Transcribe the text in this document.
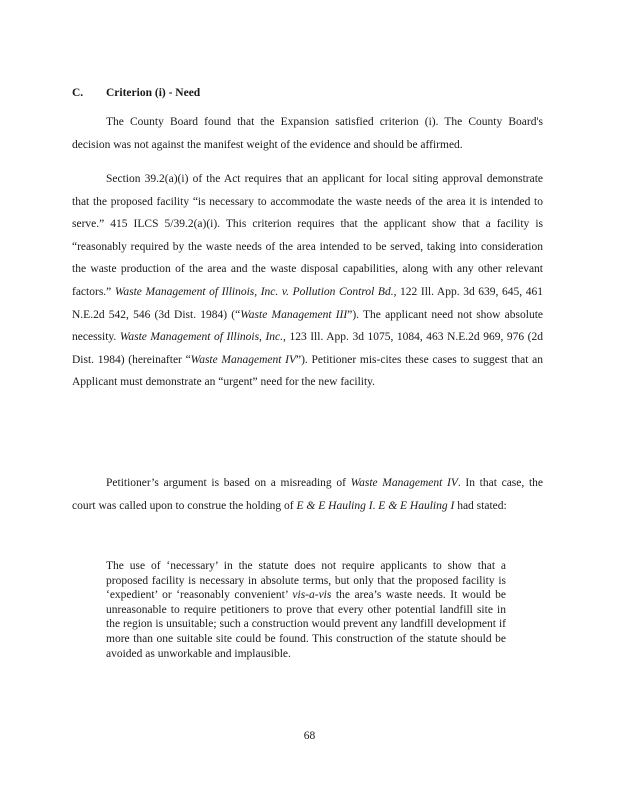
C.	Criterion (i) - Need

The County Board found that the Expansion satisfied criterion (i). The County Board's decision was not against the manifest weight of the evidence and should be affirmed.

Section 39.2(a)(i) of the Act requires that an applicant for local siting approval demonstrate that the proposed facility “is necessary to accommodate the waste needs of the area it is intended to serve.” 415 ILCS 5/39.2(a)(i). This criterion requires that the applicant show that a facility is “reasonably required by the waste needs of the area intended to be served, taking into consideration the waste production of the area and the waste disposal capabilities, along with any other relevant factors.” Waste Management of Illinois, Inc. v. Pollution Control Bd., 122 Ill. App. 3d 639, 645, 461 N.E.2d 542, 546 (3d Dist. 1984) (“Waste Management III”). The applicant need not show absolute necessity. Waste Management of Illinois, Inc., 123 Ill. App. 3d 1075, 1084, 463 N.E.2d 969, 976 (2d Dist. 1984) (hereinafter “Waste Management IV”). Petitioner mis-cites these cases to suggest that an Applicant must demonstrate an “urgent” need for the new facility.

Petitioner’s argument is based on a misreading of Waste Management IV. In that case, the court was called upon to construe the holding of E & E Hauling I. E & E Hauling I had stated:

The use of ‘necessary’ in the statute does not require applicants to show that a proposed facility is necessary in absolute terms, but only that the proposed facility is ‘expedient’ or ‘reasonably convenient’ vis-a-vis the area’s waste needs. It would be unreasonable to require petitioners to prove that every other potential landfill site in the region is unsuitable; such a construction would prevent any landfill development if more than one suitable site could be found. This construction of the statute should be avoided as unworkable and implausible.

68
